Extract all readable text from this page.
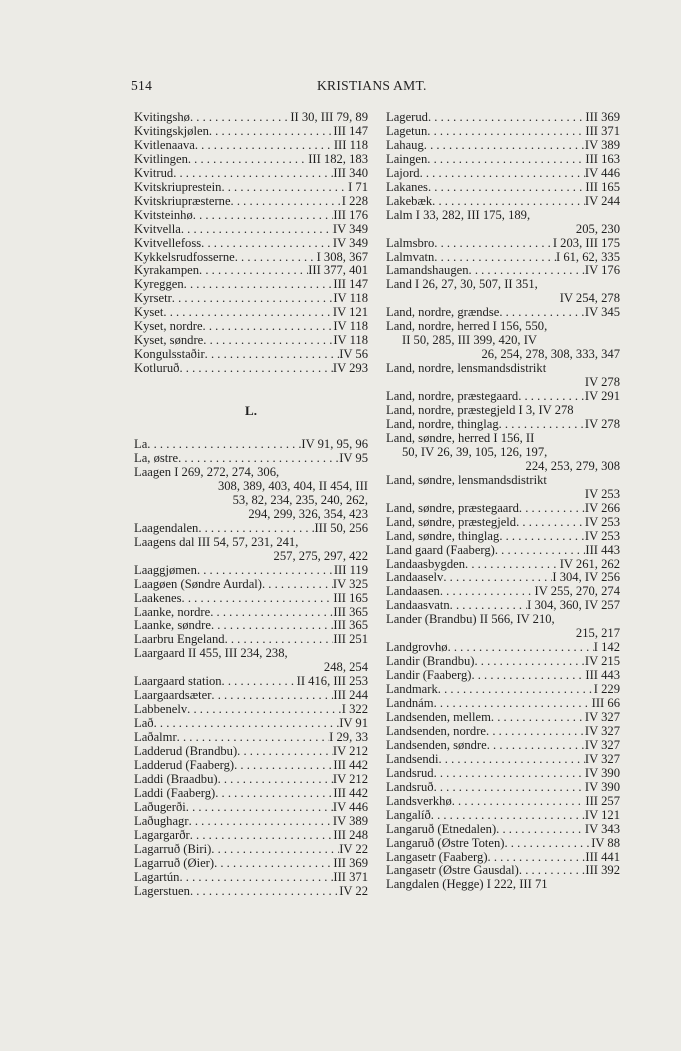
514	KRISTIANS AMT.
Kvitingshø . . .	II 30, III 79, 89
Kvitingskjølen . . .	III 147
Kvitlenaava . . .	III 118
Kvitlingen . . .	III 182, 183
Kvitrud . . .	III 340
Kvitskriuprestein . . .	I 71
Kvitskriupræsterne . . .	I 228
Kvitsteinhø . . .	III 176
Kvitvella . . .	IV 349
Kvitvellefoss . . .	IV 349
Kykkelsrudfosserne . . .	I 308, 367
Kyrakampen . . .	III 377, 401
Kyreggen . . .	III 147
Kyrsetr . . .	IV 118
Kyset . . .	IV 121
Kyset, nordre . . .	IV 118
Kyset, søndre . . .	IV 118
Kongulsstaðir . . .	IV 56
Kotluruð . . .	IV 293
L.
La . . .	IV 91, 95, 96
La, østre . . .	IV 95
Laagen I 269, 272, 274, 306,
308, 389, 403, 404, II 454, III
53, 82, 234, 235, 240, 262,
294, 299, 326, 354, 423
Laagendalen . . .	III 50, 256
Laagens dal III 54, 57, 231, 241,
257, 275, 297, 422
Laaggjømen . . .	III 119
Laagøen (Søndre Aurdal) . . .	IV 325
Laakenes . . .	III 165
Laanke, nordre . . .	III 365
Laanke, søndre . . .	III 365
Laarbru Engeland . . .	III 251
Laargaard II 455, III 234, 238,
248, 254
Laargaard station . . .	II 416, III 253
Laargaardsæter . . .	III 244
Labbenelv . . .	I 322
Lað . . .	IV 91
Laðalmr . . .	I 29, 33
Ladderud (Brandbu) . . .	IV 212
Ladderud (Faaberg) . . .	III 442
Laddi (Braadbu) . . .	IV 212
Laddi (Faaberg) . . .	III 442
Laðugerði . . .	IV 446
Laðughagr . . .	IV 389
Lagargarðr . . .	III 248
Lagarruð (Biri) . . .	IV 22
Lagarruð (Øier) . . .	III 369
Lagartún . . .	III 371
Lagerstuen . . .	IV 22
Lagerud . . .	III 369
Lagetun . . .	III 371
Lahaug . . .	IV 389
Laingen . . .	III 163
Lajord . . .	IV 446
Lakanes . . .	III 165
Lakebæk . . .	IV 244
Lalm I 33, 282, III 175, 189,
205, 230
Lalmsbro . . .	I 203, III 175
Lalmvatn . . .	I 61, 62, 335
Lamandshaugen . . .	IV 176
Land I 26, 27, 30, 507, II 351,
IV 254, 278
Land, nordre, grændse . . .	IV 345
Land, nordre, herred I 156, 550,
II 50, 285, III 399, 420, IV
26, 254, 278, 308, 333, 347
Land, nordre, lensmandsdistrikt
IV 278
Land, nordre, præstegaard . . .	IV 291
Land, nordre, præstegjeld I 3, IV 278
Land, nordre, thinglag . . .	IV 278
Land, søndre, herred I 156, II
50, IV 26, 39, 105, 126, 197,
224, 253, 279, 308
Land, søndre, lensmandsdistrikt
IV 253
Land, søndre, præstegaard . . .	IV 266
Land, søndre, præstegjeld . . .	IV 253
Land, søndre, thinglag . . .	IV 253
Land gaard (Faaberg) . . .	III 443
Landaasbygden . . .	IV 261, 262
Landaaselv . . .	I 304, IV 256
Landaasen . . .	IV 255, 270, 274
Landaasvatn . . .	I 304, 360, IV 257
Lander (Brandbu) II 566, IV 210,
215, 217
Landgrovhø . . .	I 142
Landir (Brandbu) . . .	IV 215
Landir (Faaberg) . . .	III 443
Landmark . . .	I 229
Landnám . . .	III 66
Landsenden, mellem . . .	IV 327
Landsenden, nordre . . .	IV 327
Landsenden, søndre . . .	IV 327
Landsendi . . .	IV 327
Landsrud . . .	IV 390
Landsruð . . .	IV 390
Landsverkhø . . .	III 257
Langalíð . . .	IV 121
Langaruð (Etnedalen) . . .	IV 343
Langaruð (Østre Toten) . . .	IV 88
Langasetr (Faaberg) . . .	III 441
Langasetr (Østre Gausdal) . . .	III 392
Langdalen (Hegge) I 222, III 71
